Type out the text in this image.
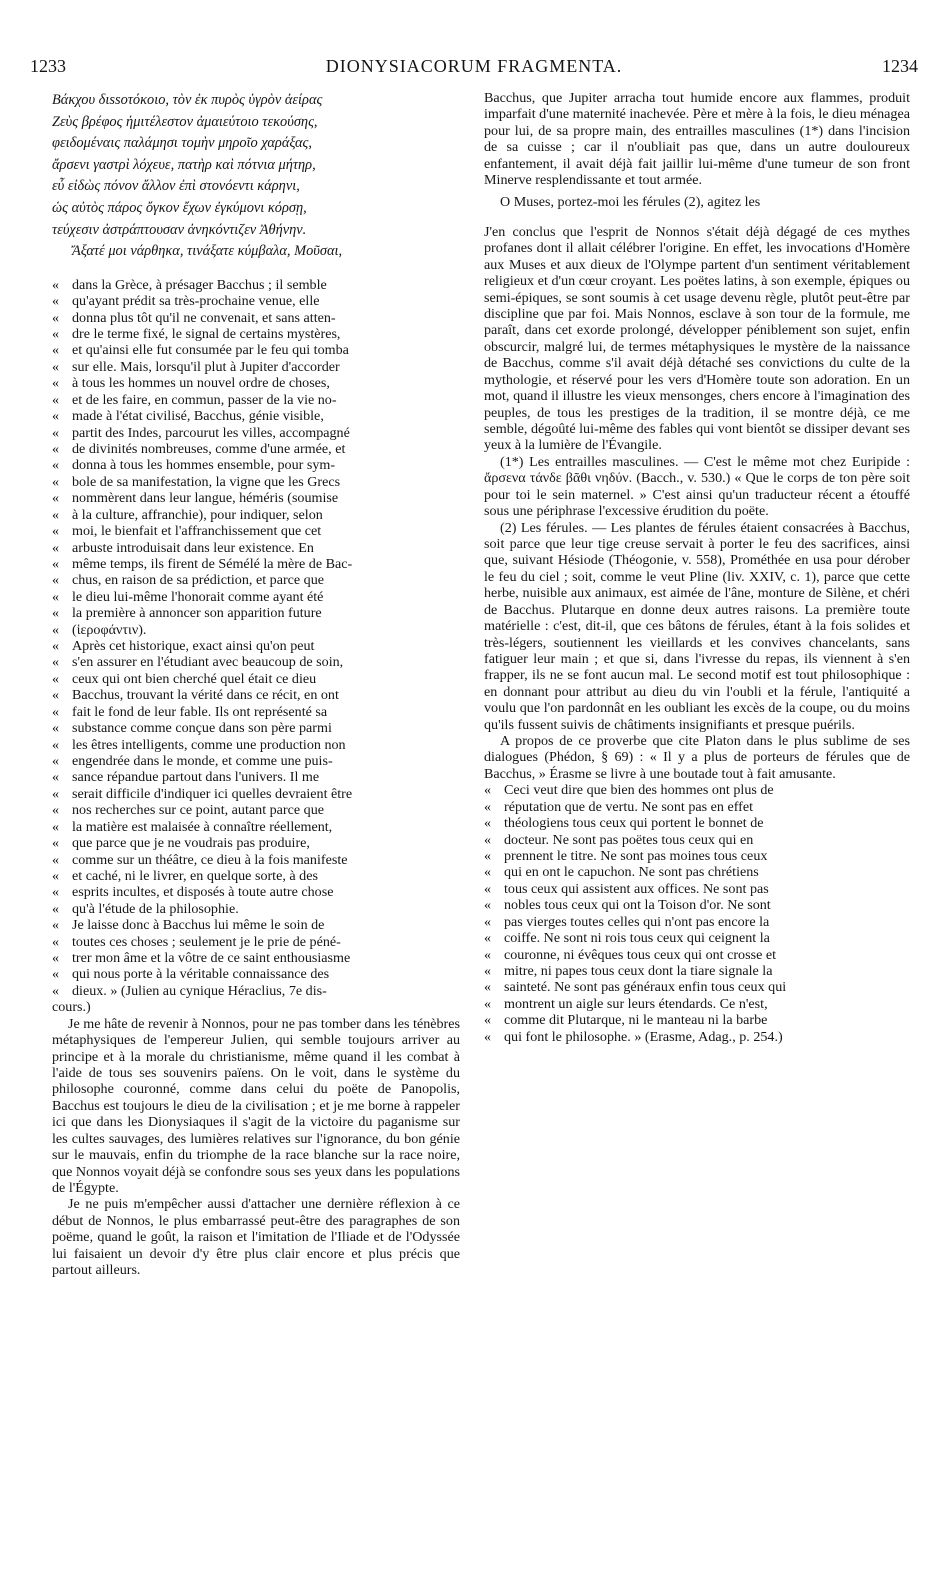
1233	DIONYSIACORUM FRAGMENTA.	1234
Βάκχου διssοτόκοιο, τὸν ἐκ πυρὸς ὑγρὸν ἀείρας
Ζεὺς βρέφος ἡμιτέλεστον ἀμαιεύτοιο τεκούσης,
φειδομέναις παλάμησι τομὴν μηροῖο χαράξας,
ἄρσενι γαστρὶ λόχευε, πατὴρ καὶ πότνια μήτηρ,
εὖ εἰδὼς πόνον ἄλλον ἐπὶ στονόεντι κάρηνι,
ὡς αὐτὸς πάρος ὄγκον ἔχων ἐγκύμονι κόρσῃ,
τεύχεσιν ἀστράπτουσαν ἀνηκόντιζεν Ἀθήνην.
Ἄξατέ μοι νάρθηκα, τινάξατε κύμβαλα, Μοῦσαι,
« dans la Grèce, à présager Bacchus ; il semble
« qu'ayant prédit sa très-prochaine venue, elle
« donna plus tôt qu'il ne convenait, et sans atten-
« dre le terme fixé, le signal de certains mystères,
« et qu'ainsi elle fut consumée par le feu qui tomba
« sur elle. Mais, lorsqu'il plut à Jupiter d'accorder
« à tous les hommes un nouvel ordre de choses,
« et de les faire, en commun, passer de la vie no-
« made à l'état civilisé, Bacchus, génie visible,
« partit des Indes, parcourut les villes, accompagné
« de divinités nombreuses, comme d'une armée, et
« donna à tous les hommes ensemble, pour sym-
« bole de sa manifestation, la vigne que les Grecs
« nommèrent dans leur langue, héméris (soumise
« à la culture, affranchie), pour indiquer, selon
« moi, le bienfait et l'affranchissement que cet
« arbuste introduisait dans leur existence. En
« même temps, ils firent de Sémélé la mère de Bac-
« chus, en raison de sa prédiction, et parce que
« le dieu lui-même l'honorait comme ayant été
« la première à annoncer son apparition future
« (ἱεροφάντιν).
« Après cet historique, exact ainsi qu'on peut
« s'en assurer en l'étudiant avec beaucoup de soin,
« ceux qui ont bien cherché quel était ce dieu
« Bacchus, trouvant la vérité dans ce récit, en ont
« fait le fond de leur fable. Ils ont représenté sa
« substance comme conçue dans son père parmi
« les êtres intelligents, comme une production non
« engendrée dans le monde, et comme une puis-
« sance répandue partout dans l'univers. Il me
« serait difficile d'indiquer ici quelles devraient être
« nos recherches sur ce point, autant parce que
« la matière est malaisée à connaître réellement,
« que parce que je ne voudrais pas produire,
« comme sur un théâtre, ce dieu à la fois manifeste
« et caché, ni le livrer, en quelque sorte, à des
« esprits incultes, et disposés à toute autre chose
« qu'à l'étude de la philosophie.
« Je laisse donc à Bacchus lui même le soin de
« toutes ces choses ; seulement je le prie de péné-
« trer mon âme et la vôtre de ce saint enthousiasme
« qui nous porte à la véritable connaissance des
« dieux. » (Julien au cynique Héraclius, 7e dis-

cours.)

Je me hâte de revenir à Nonnos, pour ne pas tomber dans les ténèbres métaphysiques de l'empereur Julien, qui semble toujours arriver au principe et à la morale du christianisme, même quand il les combat à l'aide de tous ses souvenirs païens. On le voit, dans le système du philosophe couronné, comme dans celui du poëte de Panopolis, Bacchus est toujours le dieu de la civilisation ; et je me borne à rappeler ici que dans les Dionysiaques il s'agit de la victoire du paganisme sur les cultes sauvages, des lumières relatives sur l'ignorance, du bon génie sur le mauvais, enfin du triomphe de la race blanche sur la race noire, que Nonnos voyait déjà se confondre sous ses yeux dans les populations de l'Égypte.

Je ne puis m'empêcher aussi d'attacher une dernière réflexion à ce début de Nonnos, le plus embarrassé peut-être des paragraphes de son poëme, quand le goût, la raison et l'imitation de l'Iliade et de l'Odyssée lui faisaient un devoir d'y être plus clair encore et plus précis que partout ailleurs.

Bacchus, que Jupiter arracha tout humide encore aux flammes, produit imparfait d'une maternité inachevée. Père et mère à la fois, le dieu ménagea pour lui, de sa propre main, des entrailles masculines (1*) dans l'incision de sa cuisse ; car il n'oubliait pas que, dans un autre douloureux enfantement, il avait déjà fait jaillir lui-même d'une tumeur de son front Minerve resplendissante et tout armée.

O Muses, portez-moi les férules (2), agitez les

J'en conclus que l'esprit de Nonnos s'était déjà dégagé de ces mythes profanes dont il allait célébrer l'origine. En effet, les invocations d'Homère aux Muses et aux dieux de l'Olympe partent d'un sentiment véritablement religieux et d'un cœur croyant. Les poëtes latins, à son exemple, épiques ou semi-épiques, se sont soumis à cet usage devenu règle, plutôt peut-être par discipline que par foi. Mais Nonnos, esclave à son tour de la formule, me paraît, dans cet exorde prolongé, développer péniblement son sujet, enfin obscurcir, malgré lui, de termes métaphysiques le mystère de la naissance de Bacchus, comme s'il avait déjà détaché ses convictions du culte de la mythologie, et réservé pour les vers d'Homère toute son adoration. En un mot, quand il illustre les vieux mensonges, chers encore à l'imagination des peuples, de tous les prestiges de la tradition, il se montre déjà, ce me semble, dégoûté lui-même des fables qui vont bientôt se dissiper devant ses yeux à la lumière de l'Évangile.

(1*) Les entrailles masculines. — C'est le même mot chez Euripide : ἄρσενα τάνδε βᾶθι νηδύν. (Bacch., v. 530.) « Que le corps de ton père soit pour toi le sein maternel. » C'est ainsi qu'un traducteur récent a étouffé sous une périphrase l'excessive érudition du poëte.

(2) Les férules. — Les plantes de férules étaient consacrées à Bacchus, soit parce que leur tige creuse servait à porter le feu des sacrifices, ainsi que, suivant Hésiode (Théogonie, v. 558), Prométhée en usa pour dérober le feu du ciel ; soit, comme le veut Pline (liv. XXIV, c. 1), parce que cette herbe, nuisible aux animaux, est aimée de l'âne, monture de Silène, et chéri de Bacchus. Plutarque en donne deux autres raisons. La première toute matérielle : c'est, dit-il, que ces bâtons de férules, étant à la fois solides et très-légers, soutiennent les vieillards et les convives chancelants, sans fatiguer leur main ; et que si, dans l'ivresse du repas, ils viennent à s'en frapper, ils ne se font aucun mal. Le second motif est tout philosophique : en donnant pour attribut au dieu du vin l'oubli et la férule, l'antiquité a voulu que l'on pardonnât en les oubliant les excès de la coupe, ou du moins qu'ils fussent suivis de châtiments insignifiants et presque puérils.

A propos de ce proverbe que cite Platon dans le plus sublime de ses dialogues (Phédon, § 69) : « Il y a plus de porteurs de férules que de Bacchus, » Érasme se livre à une boutade tout à fait amusante.

« Ceci veut dire que bien des hommes ont plus de
« réputation que de vertu. Ne sont pas en effet
« théologiens tous ceux qui portent le bonnet de
« docteur. Ne sont pas poëtes tous ceux qui en
« prennent le titre. Ne sont pas moines tous ceux
« qui en ont le capuchon. Ne sont pas chrétiens
« tous ceux qui assistent aux offices. Ne sont pas
« nobles tous ceux qui ont la Toison d'or. Ne sont
« pas vierges toutes celles qui n'ont pas encore la
« coiffe. Ne sont ni rois tous ceux qui ceignent la
« couronne, ni évêques tous ceux qui ont crosse et
« mitre, ni papes tous ceux dont la tiare signale la
« sainteté. Ne sont pas généraux enfin tous ceux qui
« montrent un aigle sur leurs étendards. Ce n'est,
« comme dit Plutarque, ni le manteau ni la barbe
« qui font le philosophe. » (Erasme, Adag., p. 254.)
